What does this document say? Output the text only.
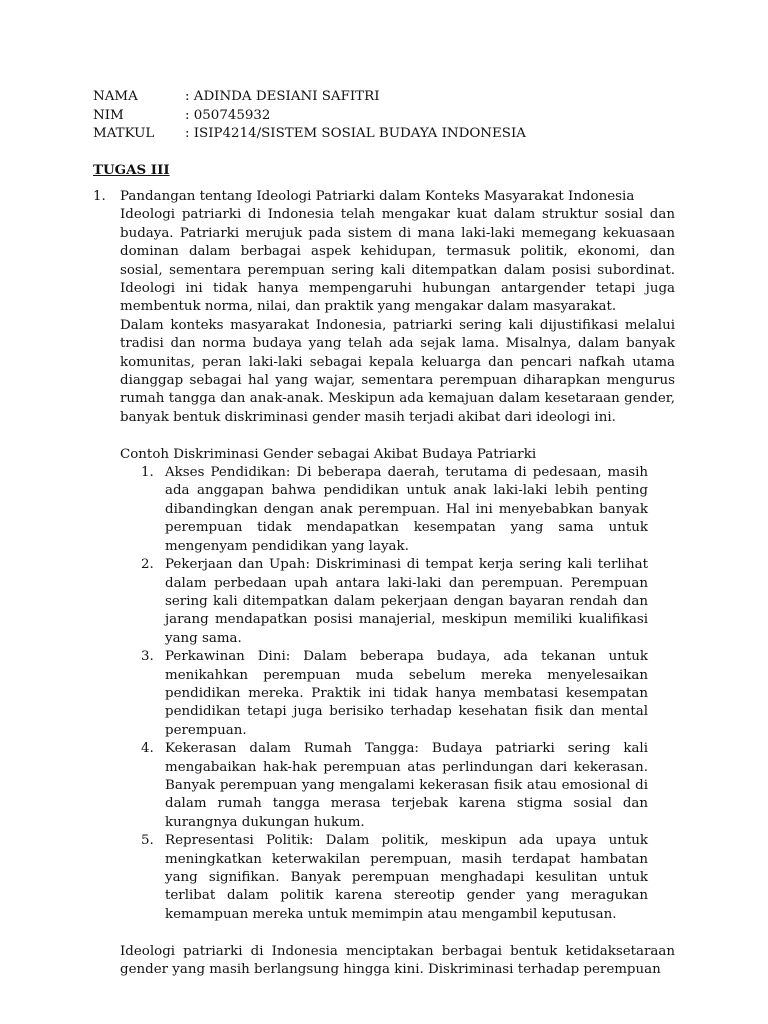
NAMA	: ADINDA DESIANI SAFITRI
NIM	: 050745932
MATKUL	: ISIP4214/SISTEM SOSIAL BUDAYA INDONESIA
TUGAS III
1.	Pandangan tentang Ideologi Patriarki dalam Konteks Masyarakat Indonesia
Ideologi patriarki di Indonesia telah mengakar kuat dalam struktur sosial dan budaya. Patriarki merujuk pada sistem di mana laki-laki memegang kekuasaan dominan dalam berbagai aspek kehidupan, termasuk politik, ekonomi, dan sosial, sementara perempuan sering kali ditempatkan dalam posisi subordinat. Ideologi ini tidak hanya mempengaruhi hubungan antargender tetapi juga membentuk norma, nilai, dan praktik yang mengakar dalam masyarakat.
Dalam konteks masyarakat Indonesia, patriarki sering kali dijustifikasi melalui tradisi dan norma budaya yang telah ada sejak lama. Misalnya, dalam banyak komunitas, peran laki-laki sebagai kepala keluarga dan pencari nafkah utama dianggap sebagai hal yang wajar, sementara perempuan diharapkan mengurus rumah tangga dan anak-anak. Meskipun ada kemajuan dalam kesetaraan gender, banyak bentuk diskriminasi gender masih terjadi akibat dari ideologi ini.
Contoh Diskriminasi Gender sebagai Akibat Budaya Patriarki
1. Akses Pendidikan: Di beberapa daerah, terutama di pedesaan, masih ada anggapan bahwa pendidikan untuk anak laki-laki lebih penting dibandingkan dengan anak perempuan. Hal ini menyebabkan banyak perempuan tidak mendapatkan kesempatan yang sama untuk mengenyam pendidikan yang layak.
2. Pekerjaan dan Upah: Diskriminasi di tempat kerja sering kali terlihat dalam perbedaan upah antara laki-laki dan perempuan. Perempuan sering kali ditempatkan dalam pekerjaan dengan bayaran rendah dan jarang mendapatkan posisi manajerial, meskipun memiliki kualifikasi yang sama.
3. Perkawinan Dini: Dalam beberapa budaya, ada tekanan untuk menikahkan perempuan muda sebelum mereka menyelesaikan pendidikan mereka. Praktik ini tidak hanya membatasi kesempatan pendidikan tetapi juga berisiko terhadap kesehatan fisik dan mental perempuan.
4. Kekerasan dalam Rumah Tangga: Budaya patriarki sering kali mengabaikan hak-hak perempuan atas perlindungan dari kekerasan. Banyak perempuan yang mengalami kekerasan fisik atau emosional di dalam rumah tangga merasa terjebak karena stigma sosial dan kurangnya dukungan hukum.
5. Representasi Politik: Dalam politik, meskipun ada upaya untuk meningkatkan keterwakilan perempuan, masih terdapat hambatan yang signifikan. Banyak perempuan menghadapi kesulitan untuk terlibat dalam politik karena stereotip gender yang meragukan kemampuan mereka untuk memimpin atau mengambil keputusan.
Ideologi patriarki di Indonesia menciptakan berbagai bentuk ketidaksetaraan gender yang masih berlangsung hingga kini. Diskriminasi terhadap perempuan
